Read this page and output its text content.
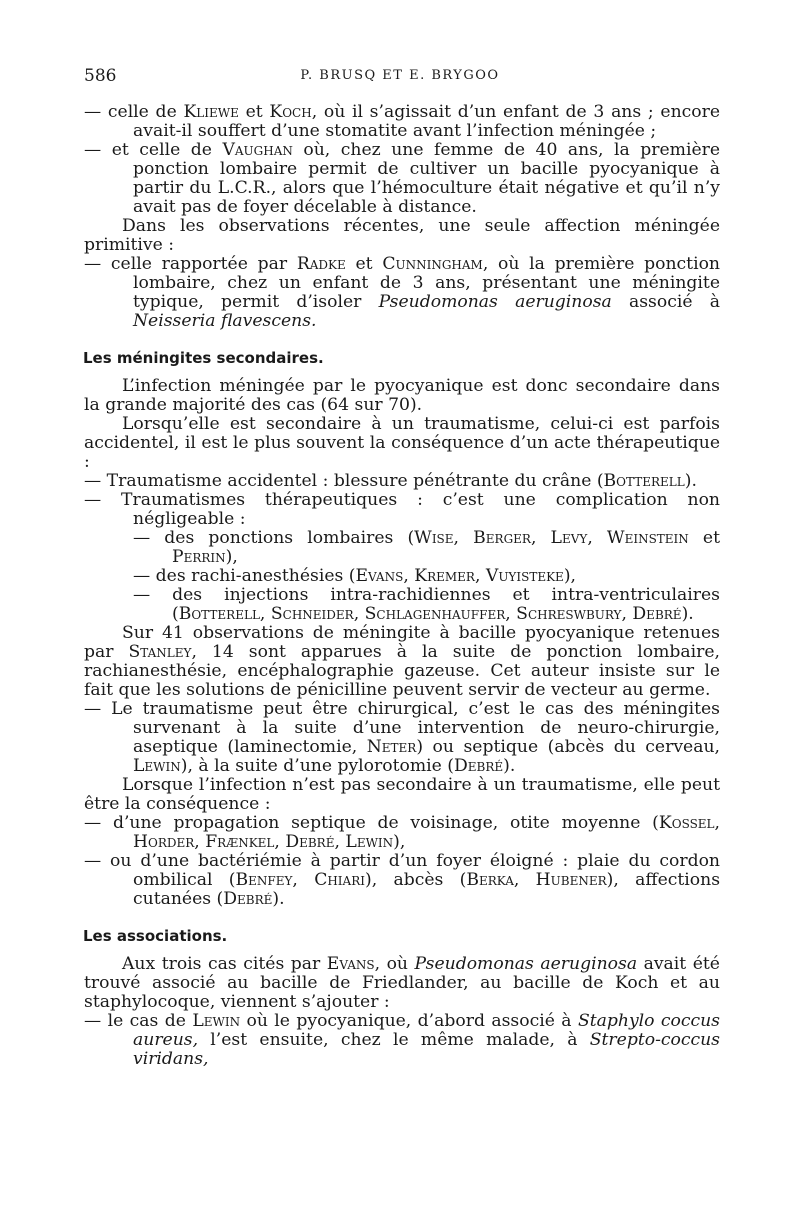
586	P. BRUSQ ET E. BRYGOO

— celle de Kliewe et Koch, où il s’agissait d’un enfant de 3 ans ; encore avait-il souffert d’une stomatite avant l’infection méningée ;

— et celle de Vaughan où, chez une femme de 40 ans, la première ponction lombaire permit de cultiver un bacille pyocyanique à partir du L.C.R., alors que l’hémoculture était négative et qu’il n’y avait pas de foyer décelable à distance.

Dans les observations récentes, une seule affection méningée primitive :

— celle rapportée par Radke et Cunningham, où la première ponction lombaire, chez un enfant de 3 ans, présentant une méningite typique, permit d’isoler Pseudomonas aeruginosa associé à Neisseria flavescens.

Les méningites secondaires.

L’infection méningée par le pyocyanique est donc secondaire dans la grande majorité des cas (64 sur 70).

Lorsqu’elle est secondaire à un traumatisme, celui-ci est parfois accidentel, il est le plus souvent la conséquence d’un acte thérapeutique :

— Traumatisme accidentel : blessure pénétrante du crâne (Botterell).

— Traumatismes thérapeutiques : c’est une complication non négligeable :

— des ponctions lombaires (Wise, Berger, Levy, Weinstein et Perrin),

— des rachi-anesthésies (Evans, Kremer, Vuyisteke),

— des injections intra-rachidiennes et intra-ventriculaires (Botterell, Schneider, Schlagenhauffer, Schreswbury, Debré).

Sur 41 observations de méningite à bacille pyocyanique retenues par Stanley, 14 sont apparues à la suite de ponction lombaire, rachianesthésie, encéphalographie gazeuse. Cet auteur insiste sur le fait que les solutions de pénicilline peuvent servir de vecteur au germe.

— Le traumatisme peut être chirurgical, c’est le cas des méningites survenant à la suite d’une intervention de neuro-chirurgie, aseptique (laminectomie, Neter) ou septique (abcès du cerveau, Lewin), à la suite d’une pylorotomie (Debré).

Lorsque l’infection n’est pas secondaire à un traumatisme, elle peut être la conséquence :

— d’une propagation septique de voisinage, otite moyenne (Kossel, Horder, Frænkel, Debré, Lewin),

— ou d’une bactériémie à partir d’un foyer éloigné : plaie du cordon ombilical (Benfey, Chiari), abcès (Berka, Hubener), affections cutanées (Debré).

Les associations.

Aux trois cas cités par Evans, où Pseudomonas aeruginosa avait été trouvé associé au bacille de Friedlander, au bacille de Koch et au staphylocoque, viennent s’ajouter :

— le cas de Lewin où le pyocyanique, d’abord associé à Staphylo coccus aureus, l’est ensuite, chez le même malade, à Strepto-coccus viridans,
